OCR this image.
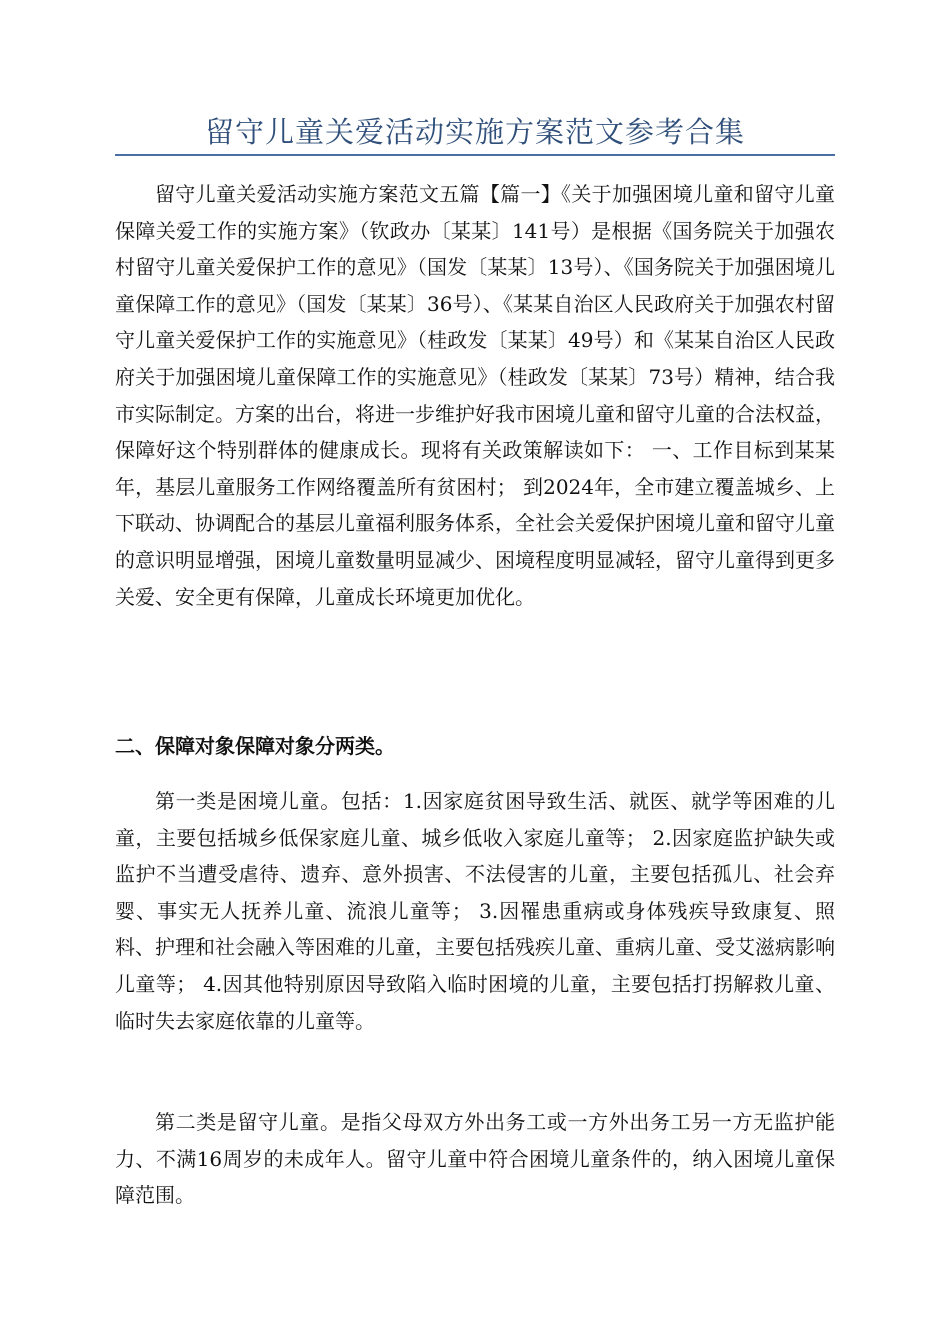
留守儿童关爱活动实施方案范文参考合集

留守儿童关爱活动实施方案范文五篇【篇一】《关于加强困境儿童和留守儿童保障关爱工作的实施方案》（钦政办〔某某〕141号）是根据《国务院关于加强农村留守儿童关爱保护工作的意见》（国发〔某某〕13号）、《国务院关于加强困境儿童保障工作的意见》（国发〔某某〕36号）、《某某自治区人民政府关于加强农村留守儿童关爱保护工作的实施意见》（桂政发〔某某〕49号）和《某某自治区人民政府关于加强困境儿童保障工作的实施意见》（桂政发〔某某〕73号）精神，结合我市实际制定。方案的出台，将进一步维护好我市困境儿童和留守儿童的合法权益，保障好这个特别群体的健康成长。现将有关政策解读如下： 一、工作目标到某某年，基层儿童服务工作网络覆盖所有贫困村； 到2024年，全市建立覆盖城乡、上下联动、协调配合的基层儿童福利服务体系，全社会关爱保护困境儿童和留守儿童的意识明显增强，困境儿童数量明显减少、困境程度明显减轻，留守儿童得到更多关爱、安全更有保障，儿童成长环境更加优化。

二、保障对象保障对象分两类。

第一类是困境儿童。包括：1.因家庭贫困导致生活、就医、就学等困难的儿童，主要包括城乡低保家庭儿童、城乡低收入家庭儿童等； 2.因家庭监护缺失或监护不当遭受虐待、遗弃、意外损害、不法侵害的儿童，主要包括孤儿、社会弃婴、事实无人抚养儿童、流浪儿童等； 3.因罹患重病或身体残疾导致康复、照料、护理和社会融入等困难的儿童，主要包括残疾儿童、重病儿童、受艾滋病影响儿童等； 4.因其他特别原因导致陷入临时困境的儿童，主要包括打拐解救儿童、临时失去家庭依靠的儿童等。

第二类是留守儿童。是指父母双方外出务工或一方外出务工另一方无监护能力、不满16周岁的未成年人。留守儿童中符合困境儿童条件的，纳入困境儿童保障范围。
